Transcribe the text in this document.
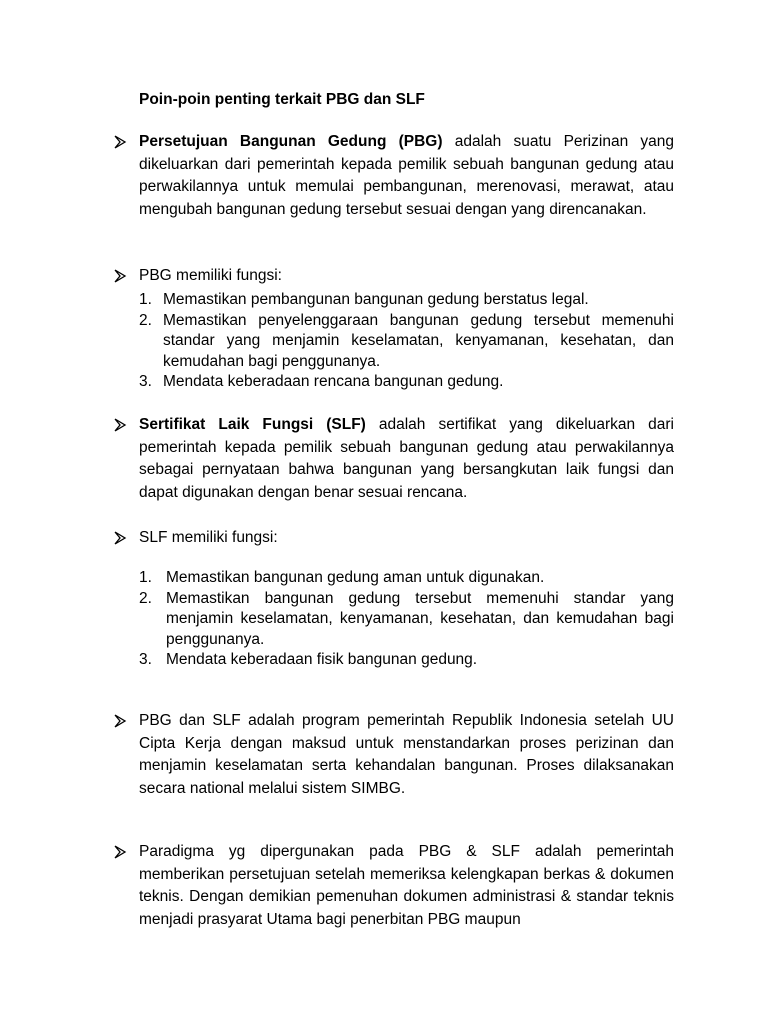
Poin-poin penting terkait PBG dan SLF
Persetujuan Bangunan Gedung (PBG) adalah suatu Perizinan yang dikeluarkan dari pemerintah kepada pemilik sebuah bangunan gedung atau perwakilannya untuk memulai pembangunan, merenovasi, merawat, atau mengubah bangunan gedung tersebut sesuai dengan yang direncanakan.
PBG memiliki fungsi:
1. Memastikan pembangunan bangunan gedung berstatus legal.
2. Memastikan penyelenggaraan bangunan gedung tersebut memenuhi standar yang menjamin keselamatan, kenyamanan, kesehatan, dan kemudahan bagi penggunanya.
3. Mendata keberadaan rencana bangunan gedung.
Sertifikat Laik Fungsi (SLF) adalah sertifikat yang dikeluarkan dari pemerintah kepada pemilik sebuah bangunan gedung atau perwakilannya sebagai pernyataan bahwa bangunan yang bersangkutan laik fungsi dan dapat digunakan dengan benar sesuai rencana.
SLF memiliki fungsi:
1. Memastikan bangunan gedung aman untuk digunakan.
2. Memastikan bangunan gedung tersebut memenuhi standar yang menjamin keselamatan, kenyamanan, kesehatan, dan kemudahan bagi penggunanya.
3. Mendata keberadaan fisik bangunan gedung.
PBG dan SLF adalah program pemerintah Republik Indonesia setelah UU Cipta Kerja dengan maksud untuk menstandarkan proses perizinan dan menjamin keselamatan serta kehandalan bangunan. Proses dilaksanakan secara national melalui sistem SIMBG.
Paradigma yg dipergunakan pada PBG & SLF adalah pemerintah memberikan persetujuan setelah memeriksa kelengkapan berkas & dokumen teknis. Dengan demikian pemenuhan dokumen administrasi & standar teknis menjadi prasyarat Utama bagi penerbitan PBG maupun
